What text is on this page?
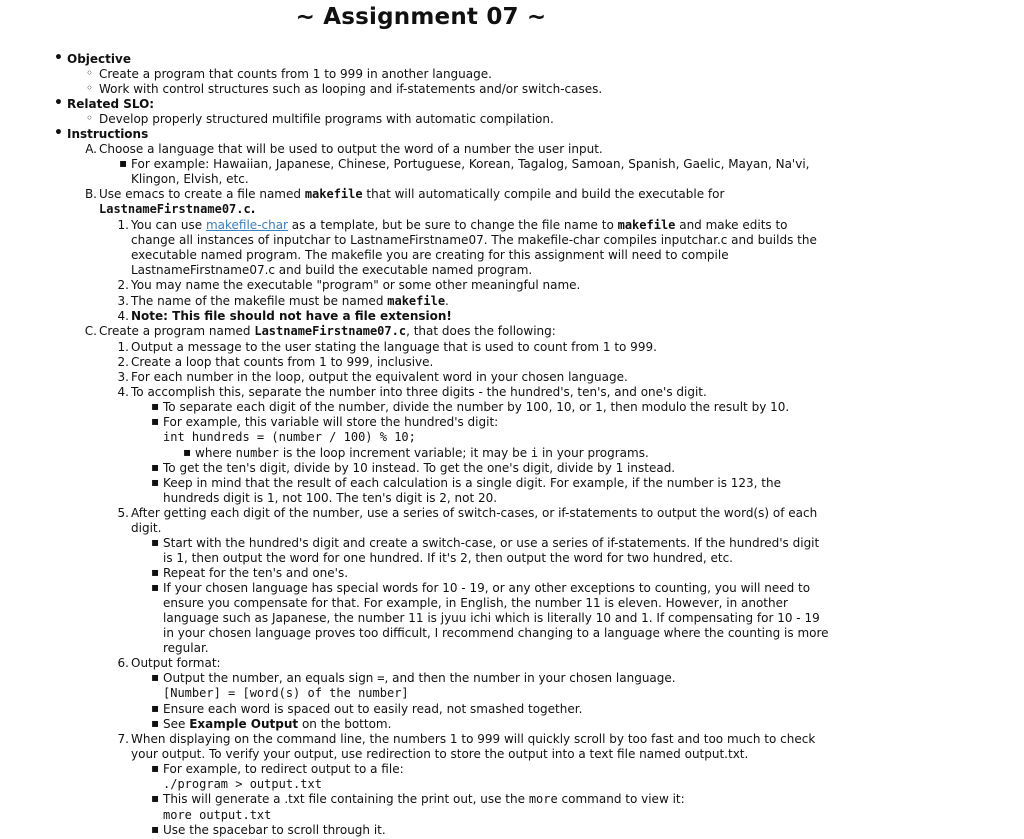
~ Assignment 07 ~
• Objective
◦ Create a program that counts from 1 to 999 in another language.
◦ Work with control structures such as looping and if-statements and/or switch-cases.
• Related SLO:
◦ Develop properly structured multifile programs with automatic compilation.
• Instructions
A. Choose a language that will be used to output the word of a number the user input.
▪ For example: Hawaiian, Japanese, Chinese, Portuguese, Korean, Tagalog, Samoan, Spanish, Gaelic, Mayan, Na'vi,
Klingon, Elvish, etc.
B. Use emacs to create a file named makefile that will automatically compile and build the executable for
LastnameFirstname07.c.
1. You can use makefile-char as a template, but be sure to change the file name to makefile and make edits to
change all instances of inputchar to LastnameFirstname07. The makefile-char compiles inputchar.c and builds the
executable named program. The makefile you are creating for this assignment will need to compile
LastnameFirstname07.c and build the executable named program.
2. You may name the executable "program" or some other meaningful name.
3. The name of the makefile must be named makefile.
4. Note: This file should not have a file extension!
C. Create a program named LastnameFirstname07.c, that does the following:
1. Output a message to the user stating the language that is used to count from 1 to 999.
2. Create a loop that counts from 1 to 999, inclusive.
3. For each number in the loop, output the equivalent word in your chosen language.
4. To accomplish this, separate the number into three digits - the hundred's, ten's, and one's digit.
▪ To separate each digit of the number, divide the number by 100, 10, or 1, then modulo the result by 10.
▪ For example, this variable will store the hundred's digit:
int hundreds = (number / 100) % 10;
▪ where number is the loop increment variable; it may be i in your programs.
▪ To get the ten's digit, divide by 10 instead. To get the one's digit, divide by 1 instead.
▪ Keep in mind that the result of each calculation is a single digit. For example, if the number is 123, the
hundreds digit is 1, not 100. The ten's digit is 2, not 20.
5. After getting each digit of the number, use a series of switch-cases, or if-statements to output the word(s) of each
digit.
▪ Start with the hundred's digit and create a switch-case, or use a series of if-statements. If the hundred's digit
is 1, then output the word for one hundred. If it's 2, then output the word for two hundred, etc.
▪ Repeat for the ten's and one's.
▪ If your chosen language has special words for 10 - 19, or any other exceptions to counting, you will need to
ensure you compensate for that. For example, in English, the number 11 is eleven. However, in another
language such as Japanese, the number 11 is jyuu ichi which is literally 10 and 1. If compensating for 10 - 19
in your chosen language proves too difficult, I recommend changing to a language where the counting is more
regular.
6. Output format:
▪ Output the number, an equals sign =, and then the number in your chosen language.
[Number] = [word(s) of the number]
▪ Ensure each word is spaced out to easily read, not smashed together.
▪ See Example Output on the bottom.
7. When displaying on the command line, the numbers 1 to 999 will quickly scroll by too fast and too much to check
your output. To verify your output, use redirection to store the output into a text file named output.txt.
▪ For example, to redirect output to a file:
./program > output.txt
▪ This will generate a .txt file containing the print out, use the more command to view it:
more output.txt
▪ Use the spacebar to scroll through it.
